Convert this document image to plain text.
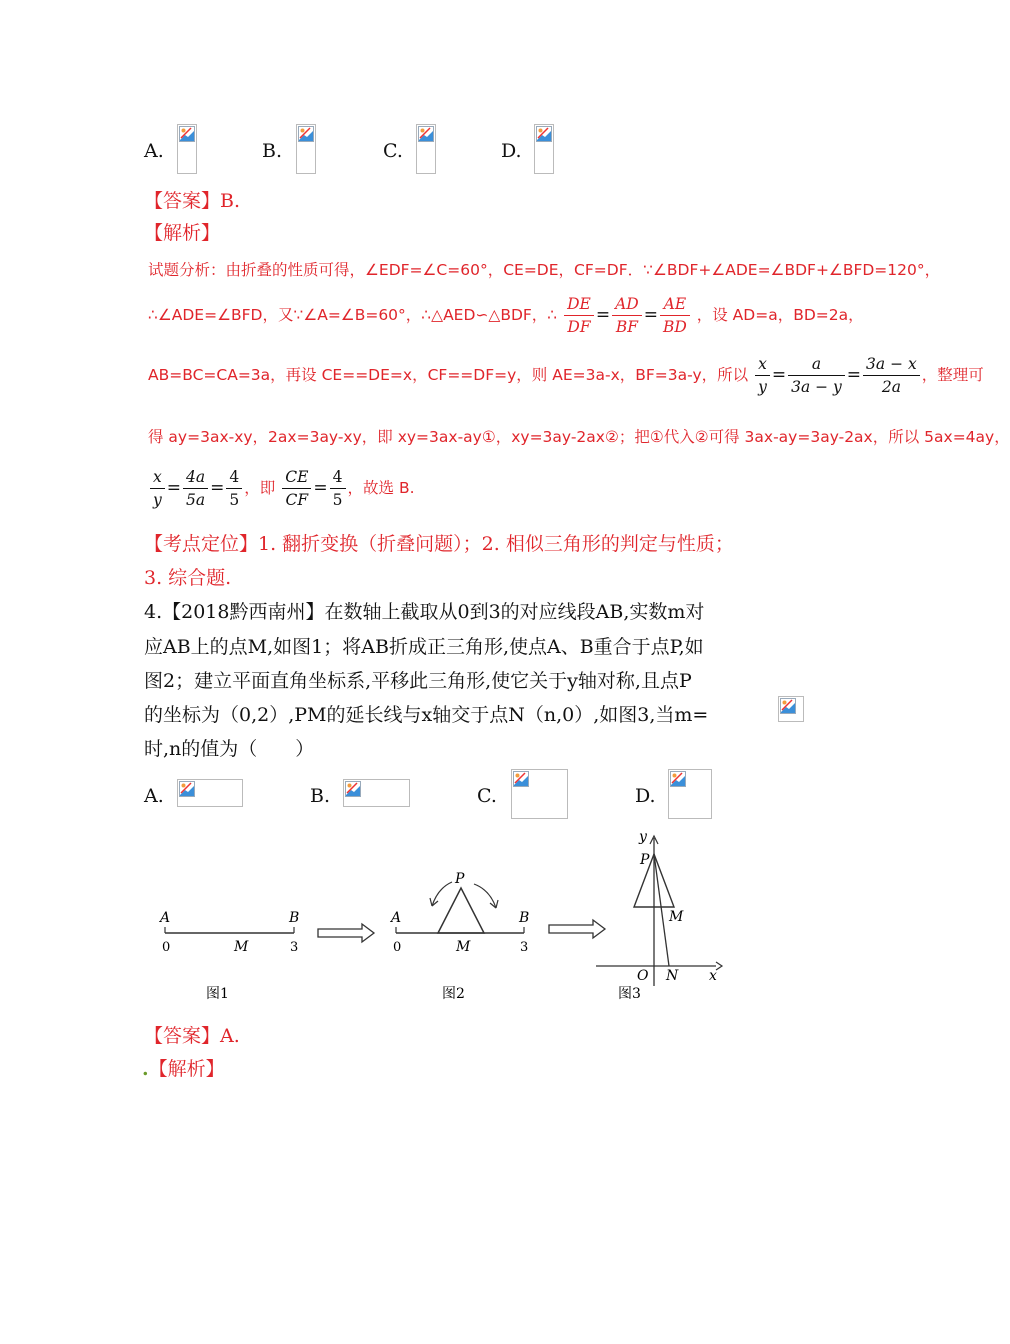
A.	B.	C.	D.
【答案】B.
【解析】
试题分析：由折叠的性质可得，∠EDF=∠C=60°，CE=DE，CF=DF．∵∠BDF+∠ADE=∠BDF+∠BFD=120°，
∴∠ADE=∠BFD，又∵∠A=∠B=60°，∴△AED∽△BDF，∴ $\frac{DE}{DF} = \frac{AD}{BF} = \frac{AE}{BD}$ ，设 AD=a，BD=2a，
AB=BC=CA=3a，再设 CE==DE=x，CF==DF=y，则 AE=3a-x，BF=3a-y，所以 $\frac{x}{y} = \frac{a}{3a - y} = \frac{3a - x}{2a}$ ，整理可
得 ay=3ax-xy，2ax=3ay-xy，即 xy=3ax-ay①，xy=3ay-2ax②；把①代入②可得 3ax-ay=3ay-2ax，所以 5ax=4ay，
$\frac{x}{y} = \frac{4a}{5a} = \frac{4}{5}$ ，即 $\frac{CE}{CF} = \frac{4}{5}$ ，故选 B.
【考点定位】1. 翻折变换（折叠问题）；2. 相似三角形的判定与性质；
3. 综合题.
4.【2018黔西南州】在数轴上截取从0到3的对应线段AB,实数m对
应AB上的点M,如图1；将AB折成正三角形,使点A、B重合于点P,如
图2；建立平面直角坐标系,平移此三角形,使它关于y轴对称,且点P
的坐标为（0,2）,PM的延长线与x轴交于点N（n,0）,如图3,当m=
时,n的值为（　　）
A.	B.	C.	D.
A	B
0	3
M
图1
A	B
P
0	3
M
图2
y
P
M
O N x
图3
【答案】A.
.【解析】
